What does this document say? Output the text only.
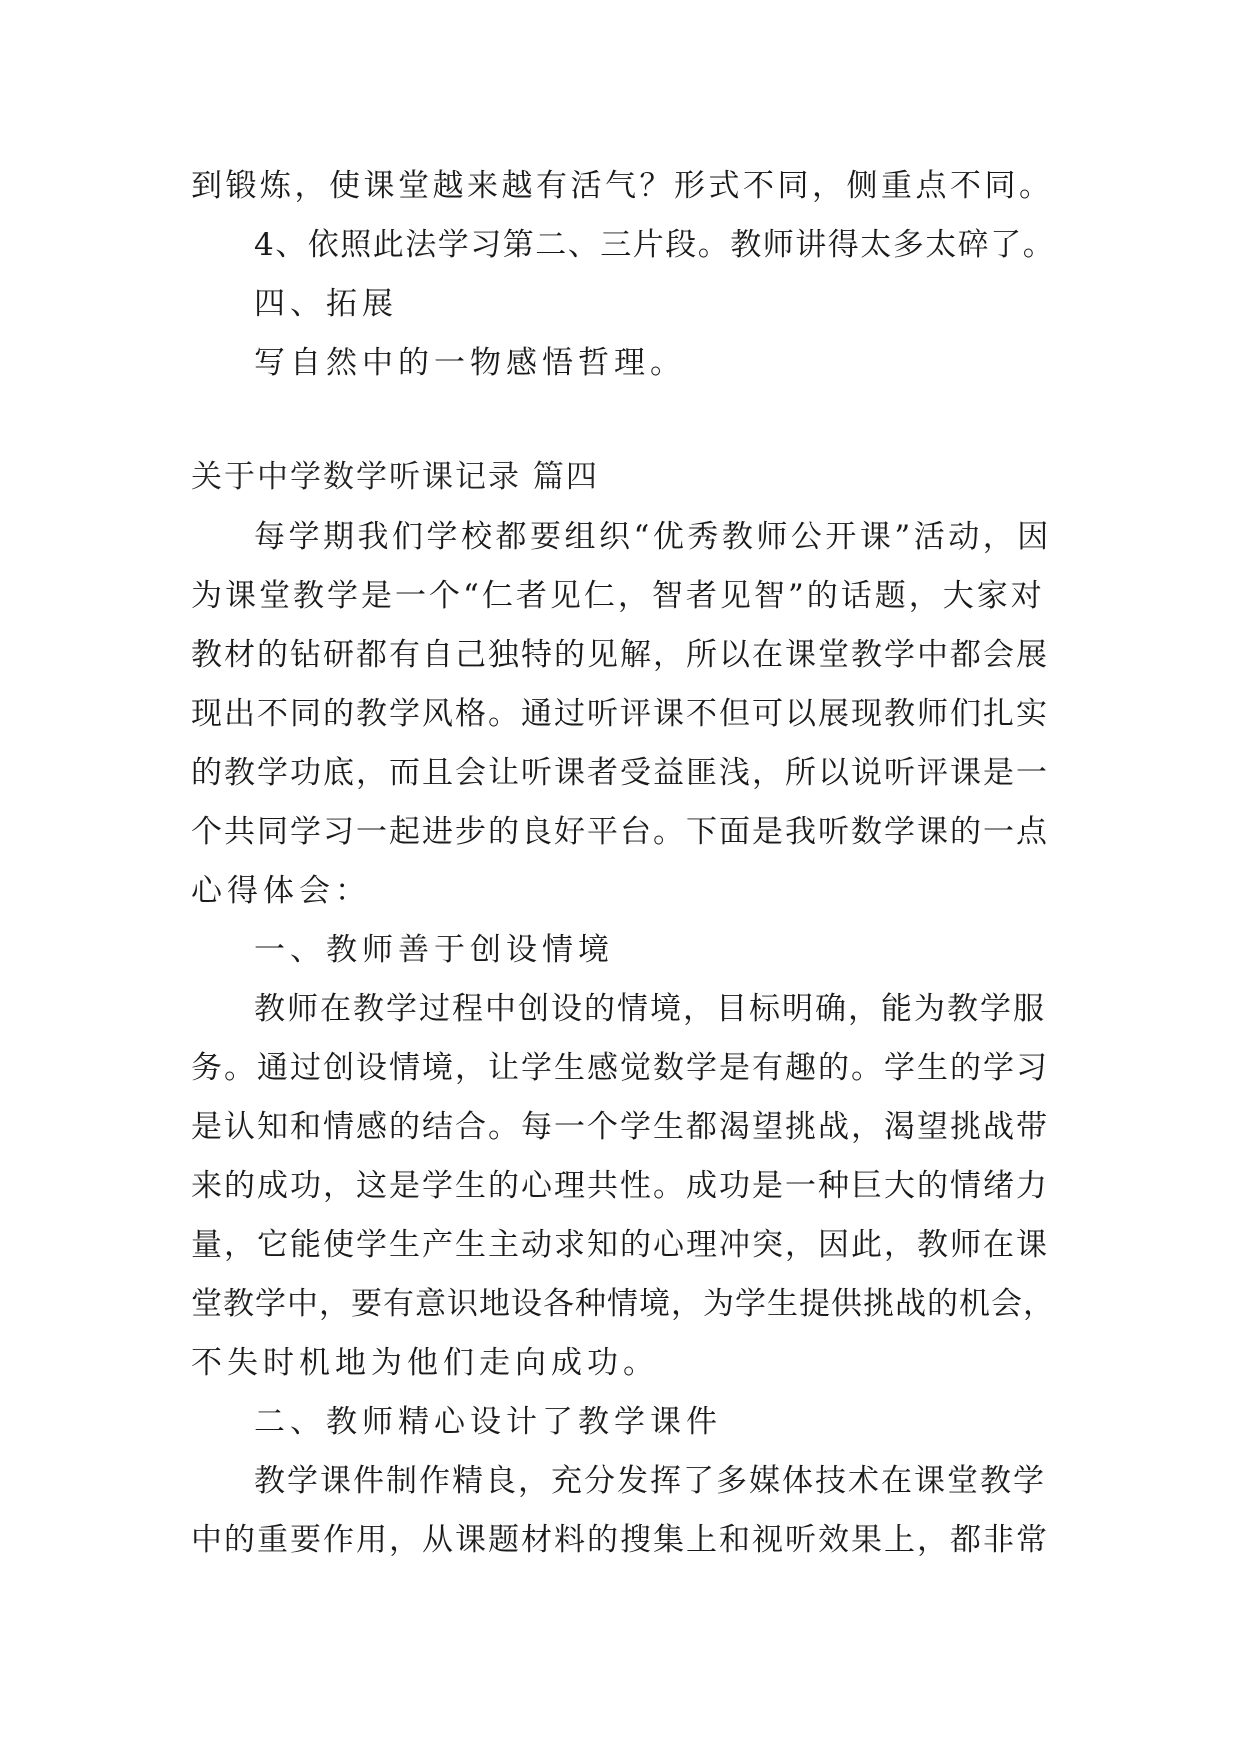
到锻炼，使课堂越来越有活气？形式不同，侧重点不同。
4、依照此法学习第二、三片段。教师讲得太多太碎了。
四、拓展
写自然中的一物感悟哲理。
关于中学数学听课记录 篇四
每学期我们学校都要组织“优秀教师公开课”活动，因
为课堂教学是一个“仁者见仁，智者见智”的话题，大家对
教材的钻研都有自己独特的见解，所以在课堂教学中都会展
现出不同的教学风格。通过听评课不但可以展现教师们扎实
的教学功底，而且会让听课者受益匪浅，所以说听评课是一
个共同学习一起进步的良好平台。下面是我听数学课的一点
心得体会：
一、教师善于创设情境
教师在教学过程中创设的情境，目标明确，能为教学服
务。通过创设情境，让学生感觉数学是有趣的。学生的学习
是认知和情感的结合。每一个学生都渴望挑战，渴望挑战带
来的成功，这是学生的心理共性。成功是一种巨大的情绪力
量，它能使学生产生主动求知的心理冲突，因此，教师在课
堂教学中，要有意识地设各种情境，为学生提供挑战的机会，
不失时机地为他们走向成功。
二、教师精心设计了教学课件
教学课件制作精良，充分发挥了多媒体技术在课堂教学
中的重要作用，从课题材料的搜集上和视听效果上，都非常
